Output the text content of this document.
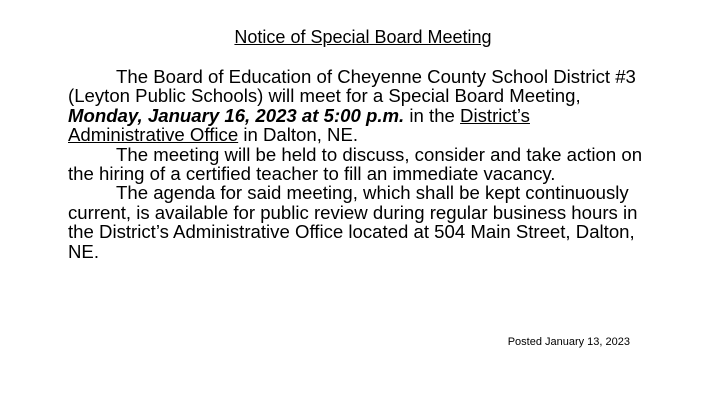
Notice of Special Board Meeting

The Board of Education of Cheyenne County School District #3 (Leyton Public Schools) will meet for a Special Board Meeting, Monday, January 16, 2023 at 5:00 p.m. in the District’s Administrative Office in Dalton, NE.

The meeting will be held to discuss, consider and take action on the hiring of a certified teacher to fill an immediate vacancy.

The agenda for said meeting, which shall be kept continuously current, is available for public review during regular business hours in the District’s Administrative Office located at 504 Main Street, Dalton, NE.

Posted January 13, 2023
